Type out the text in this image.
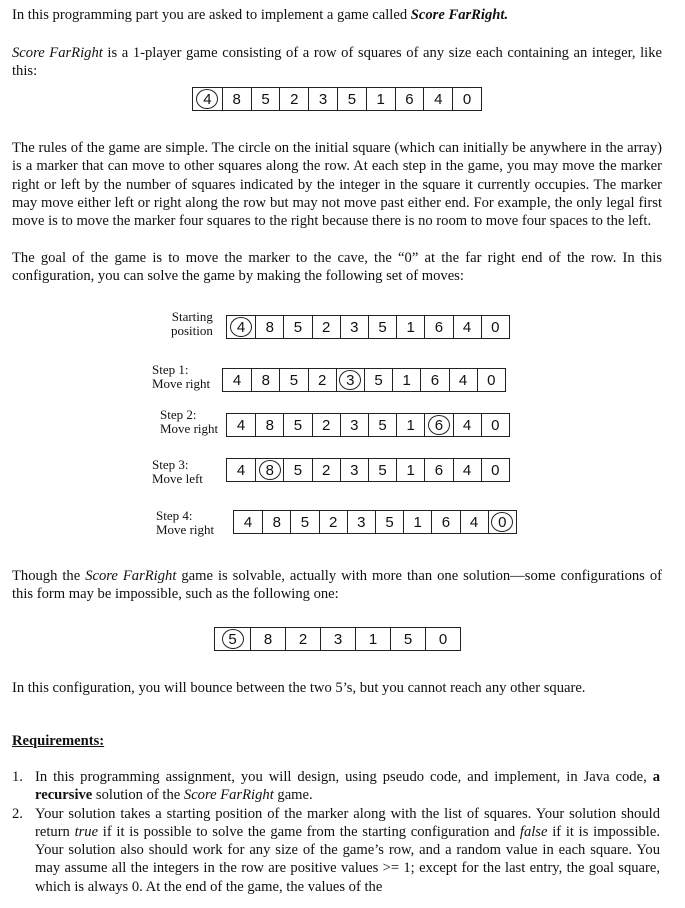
In this programming part you are asked to implement a game called Score FarRight.

Score FarRight is a 1-player game consisting of a row of squares of any size each containing an integer, like this:

4	8	5	2	3	5	1	6	4	0

The rules of the game are simple. The circle on the initial square (which can initially be anywhere in the array) is a marker that can move to other squares along the row. At each step in the game, you may move the marker right or left by the number of squares indicated by the integer in the square it currently occupies. The marker may move either left or right along the row but may not move past either end. For example, the only legal first move is to move the marker four squares to the right because there is no room to move four spaces to the left.

The goal of the game is to move the marker to the cave, the “0” at the far right end of the row. In this configuration, you can solve the game by making the following set of moves:

Starting
position	4	8	5	2	3	5	1	6	4	0
Step 1:
Move right	4	8	5	2	3	5	1	6	4	0
Step 2:
Move right	4	8	5	2	3	5	1	6	4	0
Step 3:
Move left	4	8	5	2	3	5	1	6	4	0
Step 4:
Move right	4	8	5	2	3	5	1	6	4	0

Though the Score FarRight game is solvable, actually with more than one solution—some configurations of this form may be impossible, such as the following one:

5	8	2	3	1	5	0

In this configuration, you will bounce between the two 5’s, but you cannot reach any other square.

Requirements:

1. In this programming assignment, you will design, using pseudo code, and implement, in Java code, a recursive solution of the Score FarRight game.
2. Your solution takes a starting position of the marker along with the list of squares. Your solution should return true if it is possible to solve the game from the starting configuration and false if it is impossible. Your solution also should work for any size of the game’s row, and a random value in each square. You may assume all the integers in the row are positive values >= 1; except for the last entry, the goal square, which is always 0. At the end of the game, the values of the
